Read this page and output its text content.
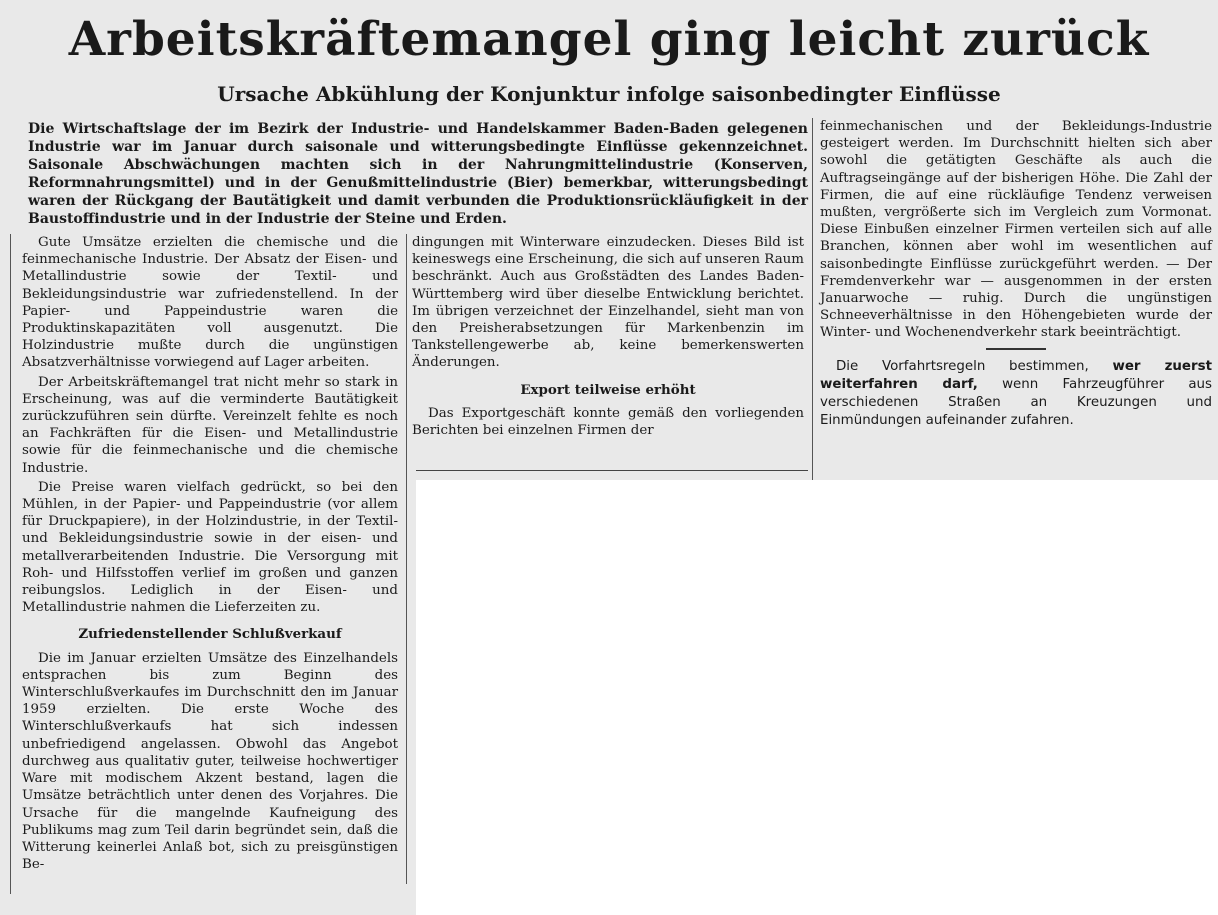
Arbeitskräftemangel ging leicht zurück
Ursache Abkühlung der Konjunktur infolge saisonbedingter Einflüsse

Die Wirtschaftslage der im Bezirk der Industrie- und Handelskammer Baden-Baden gelegenen Industrie war im Januar durch saisonale und witterungsbedingte Einflüsse gekennzeichnet. Saisonale Abschwächungen machten sich in der Nahrungmittelindustrie (Konserven, Reformnahrungsmittel) und in der Genußmittelindustrie (Bier) bemerkbar, witterungsbedingt waren der Rückgang der Bautätigkeit und damit verbunden die Produktionsrückläufigkeit in der Baustoffindustrie und in der Industrie der Steine und Erden.

Gute Umsätze erzielten die chemische und die feinmechanische Industrie. Der Absatz der Eisen- und Metallindustrie sowie der Textil- und Bekleidungsindustrie war zufriedenstellend. In der Papier- und Pappeindustrie waren die Produktinskapazitäten voll ausgenutzt. Die Holzindustrie mußte durch die ungünstigen Absatzverhältnisse vorwiegend auf Lager arbeiten.

Der Arbeitskräftemangel trat nicht mehr so stark in Erscheinung, was auf die verminderte Bautätigkeit zurückzuführen sein dürfte. Vereinzelt fehlte es noch an Fachkräften für die Eisen- und Metallindustrie sowie für die feinmechanische und die chemische Industrie.

Die Preise waren vielfach gedrückt, so bei den Mühlen, in der Papier- und Pappeindustrie (vor allem für Druckpapiere), in der Holzindustrie, in der Textil- und Bekleidungsindustrie sowie in der eisen- und metallverarbeitenden Industrie. Die Versorgung mit Roh- und Hilfsstoffen verlief im großen und ganzen reibungslos. Lediglich in der Eisen- und Metallindustrie nahmen die Lieferzeiten zu.

Zufriedenstellender Schlußverkauf

Die im Januar erzielten Umsätze des Einzelhandels entsprachen bis zum Beginn des Winterschlußverkaufes im Durchschnitt den im Januar 1959 erzielten. Die erste Woche des Winterschlußverkaufs hat sich indessen unbefriedigend angelassen. Obwohl das Angebot durchweg aus qualitativ guter, teilweise hochwertiger Ware mit modischem Akzent bestand, lagen die Umsätze beträchtlich unter denen des Vorjahres. Die Ursache für die mangelnde Kaufneigung des Publikums mag zum Teil darin begründet sein, daß die Witterung keinerlei Anlaß bot, sich zu preisgünstigen Be-

dingungen mit Winterware einzudecken. Dieses Bild ist keineswegs eine Erscheinung, die sich auf unseren Raum beschränkt. Auch aus Großstädten des Landes Baden-Württemberg wird über dieselbe Entwicklung berichtet. Im übrigen verzeichnet der Einzelhandel, sieht man von den Preisherabsetzungen für Markenbenzin im Tankstellengewerbe ab, keine bemerkenswerten Änderungen.

Export teilweise erhöht

Das Exportgeschäft konnte gemäß den vorliegenden Berichten bei einzelnen Firmen der

feinmechanischen und der Bekleidungs-Industrie gesteigert werden. Im Durchschnitt hielten sich aber sowohl die getätigten Geschäfte als auch die Auftragseingänge auf der bisherigen Höhe. Die Zahl der Firmen, die auf eine rückläufige Tendenz verweisen mußten, vergrößerte sich im Vergleich zum Vormonat. Diese Einbußen einzelner Firmen verteilen sich auf alle Branchen, können aber wohl im wesentlichen auf saisonbedingte Einflüsse zurückgeführt werden. — Der Fremdenverkehr war — ausgenommen in der ersten Januarwoche — ruhig. Durch die ungünstigen Schneeverhältnisse in den Höhengebieten wurde der Winter- und Wochenendverkehr stark beeinträchtigt.

Die Vorfahrtsregeln bestimmen, wer zuerst weiterfahren darf, wenn Fahrzeugführer aus verschiedenen Straßen an Kreuzungen und Einmündungen aufeinander zufahren.
